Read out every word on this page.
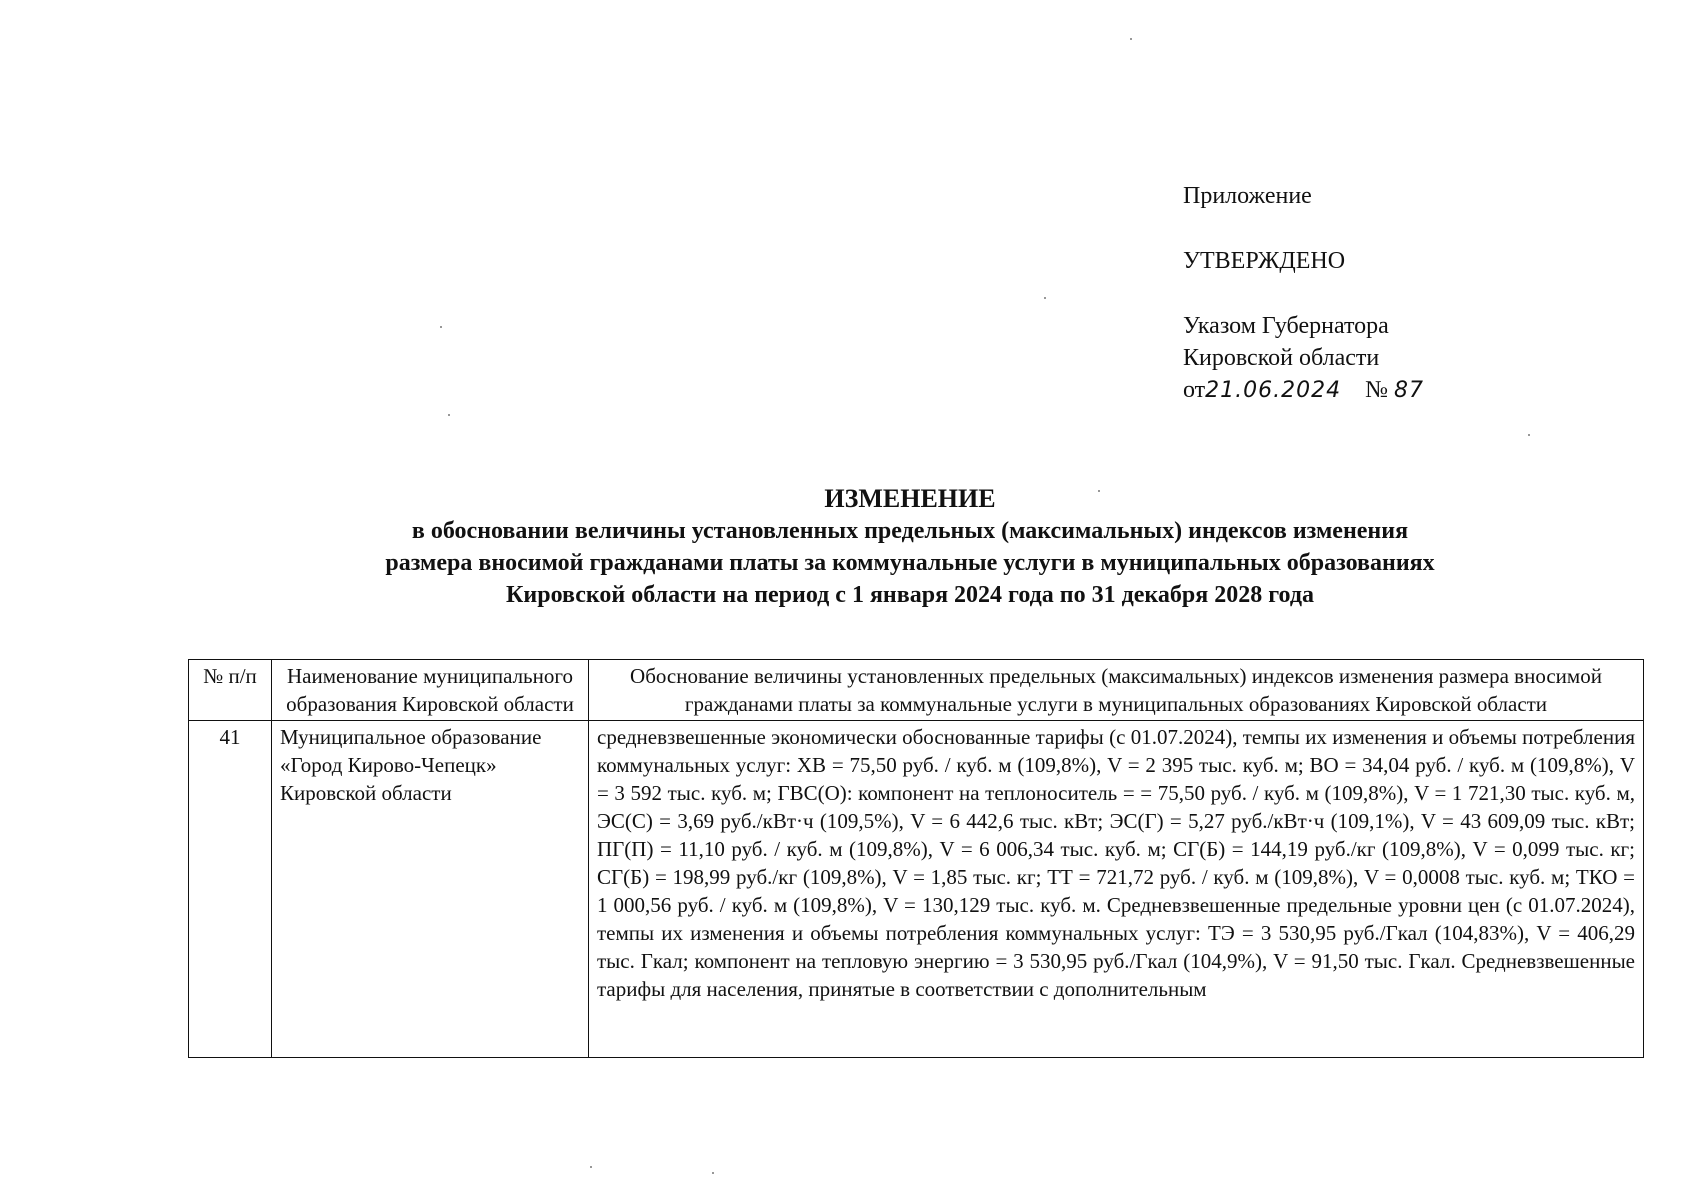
Приложение
УТВЕРЖДЕНО
Указом Губернатора
Кировской области
от21.06.2024 № 87
ИЗМЕНЕНИЕ
в обосновании величины установленных предельных (максимальных) индексов изменения
размера вносимой гражданами платы за коммунальные услуги в муниципальных образованиях
Кировской области на период с 1 января 2024 года по 31 декабря 2028 года
№ п/п	Наименование муниципального образования Кировской области	Обоснование величины установленных предельных (максимальных) индексов изменения размера вносимой гражданами платы за коммунальные услуги в муниципальных образованиях Кировской области
41	Муниципальное образование «Город Кирово-Чепецк» Кировской области	средневзвешенные экономически обоснованные тарифы (с 01.07.2024), темпы их изменения и объемы потребления коммунальных услуг: ХВ = 75,50 руб. / куб. м (109,8%), V = 2 395 тыс. куб. м; ВО = 34,04 руб. / куб. м (109,8%), V = 3 592 тыс. куб. м; ГВС(О): компонент на теплоноситель = = 75,50 руб. / куб. м (109,8%), V = 1 721,30 тыс. куб. м, ЭС(С) = 3,69 руб./кВт·ч (109,5%), V = 6 442,6 тыс. кВт; ЭС(Г) = 5,27 руб./кВт·ч (109,1%), V = 43 609,09 тыс. кВт; ПГ(П) = 11,10 руб. / куб. м (109,8%), V = 6 006,34 тыс. куб. м; СГ(Б) = 144,19 руб./кг (109,8%), V = 0,099 тыс. кг; СГ(Б) = 198,99 руб./кг (109,8%), V = 1,85 тыс. кг; ТТ = 721,72 руб. / куб. м (109,8%), V = 0,0008 тыс. куб. м; ТКО = 1 000,56 руб. / куб. м (109,8%), V = 130,129 тыс. куб. м. Средневзвешенные предельные уровни цен (с 01.07.2024), темпы их изменения и объемы потребления коммунальных услуг: ТЭ = 3 530,95 руб./Гкал (104,83%), V = 406,29 тыс. Гкал; компонент на тепловую энергию = 3 530,95 руб./Гкал (104,9%), V = 91,50 тыс. Гкал. Средневзвешенные тарифы для населения, принятые в соответствии с дополнительным
